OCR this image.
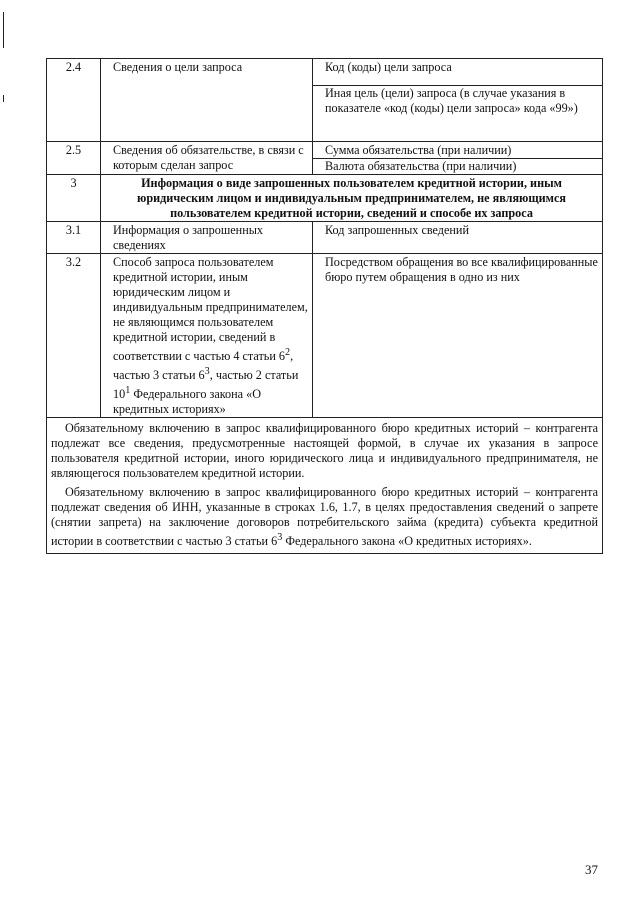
2.4	Сведения о цели запроса	Код (коды) цели запроса
Иная цель (цели) запроса (в случае указания в показателе «код (коды) цели запроса» кода «99»)

2.5	Сведения об обязательстве, в связи с которым сделан запрос	Сумма обязательства (при наличии)
Валюта обязательства (при наличии)

3	Информация о виде запрошенных пользователем кредитной истории, иным юридическим лицом и индивидуальным предпринимателем, не являющимся пользователем кредитной истории, сведений и способе их запроса	
3.1	Информация о запрошенных сведениях	Код запрошенных сведений
3.2	Способ запроса пользователем кредитной истории, иным юридическим лицом и индивидуальным предпринимателем, не являющимся пользователем кредитной истории, сведений в соответствии с частью 4 статьи $6^2$, частью 3 статьи $6^3$, частью 2 статьи $10^1$ Федерального закона «О кредитных историях»	Посредством обращения во все квалифицированные бюро путем обращения в одно из них

Обязательному включению в запрос квалифицированного бюро кредитных историй – контрагента подлежат все сведения, предусмотренные настоящей формой, в случае их указания в запросе пользователя кредитной истории, иного юридического лица и индивидуального предпринимателя, не являющегося пользователем кредитной истории.

Обязательному включению в запрос квалифицированного бюро кредитных историй – контрагента подлежат сведения об ИНН, указанные в строках 1.6, 1.7, в целях предоставления сведений о запрете (снятии запрета) на заключение договоров потребительского займа (кредита) субъекта кредитной истории в соответствии с частью 3 статьи $6^3$ Федерального закона «О кредитных историях».		

37
